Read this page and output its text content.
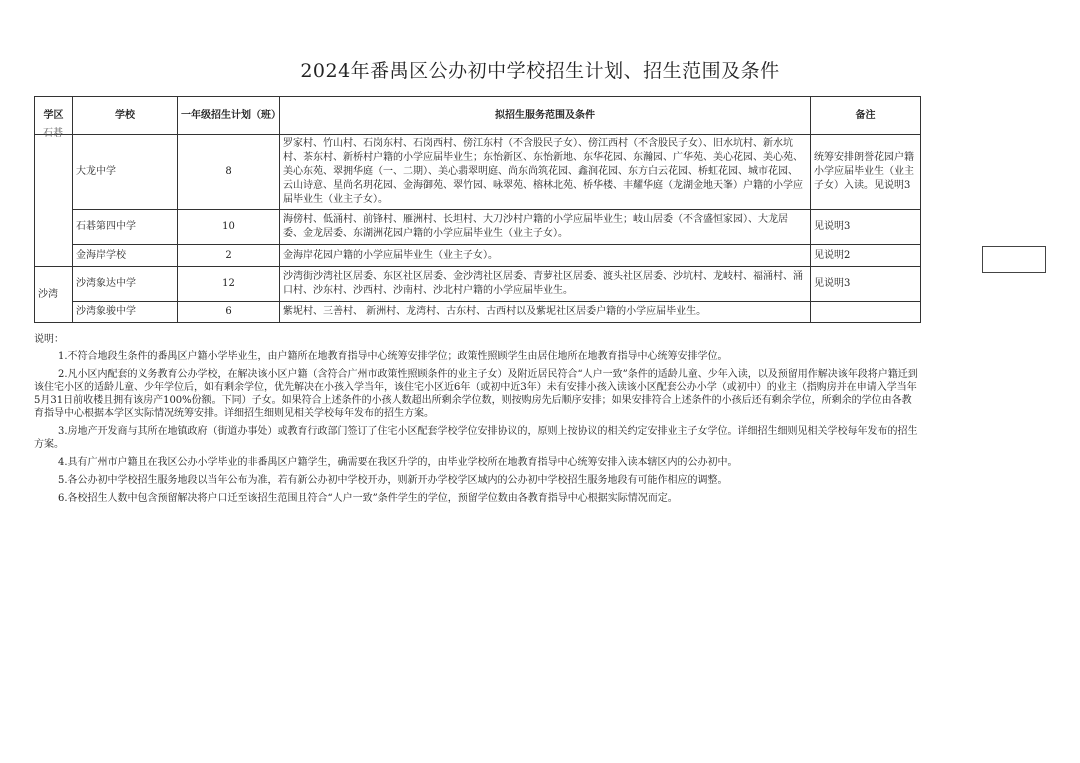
2024年番禺区公办初中学校招生计划、招生范围及条件
学区	学校	一年级招生计划（班）	拟招生服务范围及条件	备注

石碁	大龙中学	8	罗家村、竹山村、石岗东村、石岗西村、傍江东村（不含股民子女）、傍江西村（不含股民子女）、旧水坑村、新水坑村、茶东村、新桥村户籍的小学应届毕业生；东怡新区、东怡新地、东华花园、东瀚园、广华苑、美心花园、美心苑、美心东苑、翠拥华庭（一、二期）、美心翡翠明庭、尚东尚筑花园、鑫润花园、东方白云花园、桥虹花园、城市花园、云山诗意、星尚名玥花园、金海御苑、翠竹园、咏翠苑、榕林北苑、桥华楼、丰耀华庭（龙湖金地天峯）户籍的小学应届毕业生（业主子女）。	统筹安排朗誉花园户籍小学应届毕业生（业主子女）入读。见说明3
	石碁第四中学	10	海傍村、低涌村、前锋村、雁洲村、长坦村、大刀沙村户籍的小学应届毕业生；岐山居委（不含盛恒家园）、大龙居委、金龙居委、东湖洲花园户籍的小学应届毕业生（业主子女）。	见说明3
	金海岸学校	2	金海岸花园户籍的小学应届毕业生（业主子女）。	见说明2
沙湾	沙湾象达中学	12	沙湾街沙湾社区居委、东区社区居委、金沙湾社区居委、青萝社区居委、渡头社区居委、沙坑村、龙岐村、福涌村、涌口村、沙东村、沙西村、沙南村、沙北村户籍的小学应届毕业生。	见说明3
	沙湾象骏中学	6	紫坭村、三善村、 新洲村、龙湾村、古东村、古西村以及紫坭社区居委户籍的小学应届毕业生。	
说明：
1.不符合地段生条件的番禺区户籍小学毕业生，由户籍所在地教育指导中心统筹安排学位；政策性照顾学生由居住地所在地教育指导中心统筹安排学位。
2.凡小区内配套的义务教育公办学校，在解决该小区户籍（含符合广州市政策性照顾条件的业主子女）及附近居民符合“人户一致”条件的适龄儿童、少年入读，以及预留用作解决该年段将户籍迁到该住宅小区的适龄儿童、少年学位后，如有剩余学位，优先解决在小孩入学当年，该住宅小区近6年（或初中近3年）未有安排小孩入读该小区配套公办小学（或初中）的业主（指购房并在申请入学当年5月31日前收楼且拥有该房产100%份额。下同）子女。如果符合上述条件的小孩人数超出所剩余学位数，则按购房先后顺序安排；如果安排符合上述条件的小孩后还有剩余学位，所剩余的学位由各教育指导中心根据本学区实际情况统筹安排。详细招生细则见相关学校每年发布的招生方案。
3.房地产开发商与其所在地镇政府（街道办事处）或教育行政部门签订了住宅小区配套学校学位安排协议的，原则上按协议的相关约定安排业主子女学位。详细招生细则见相关学校每年发布的招生方案。
4.具有广州市户籍且在我区公办小学毕业的非番禺区户籍学生，确需要在我区升学的，由毕业学校所在地教育指导中心统筹安排入读本辖区内的公办初中。
5.各公办初中学校招生服务地段以当年公布为准，若有新公办初中学校开办，则新开办学校学区域内的公办初中学校招生服务地段有可能作相应的调整。
6.各校招生人数中包含预留解决将户口迁至该招生范围且符合“人户一致”条件学生的学位，预留学位数由各教育指导中心根据实际情况而定。
